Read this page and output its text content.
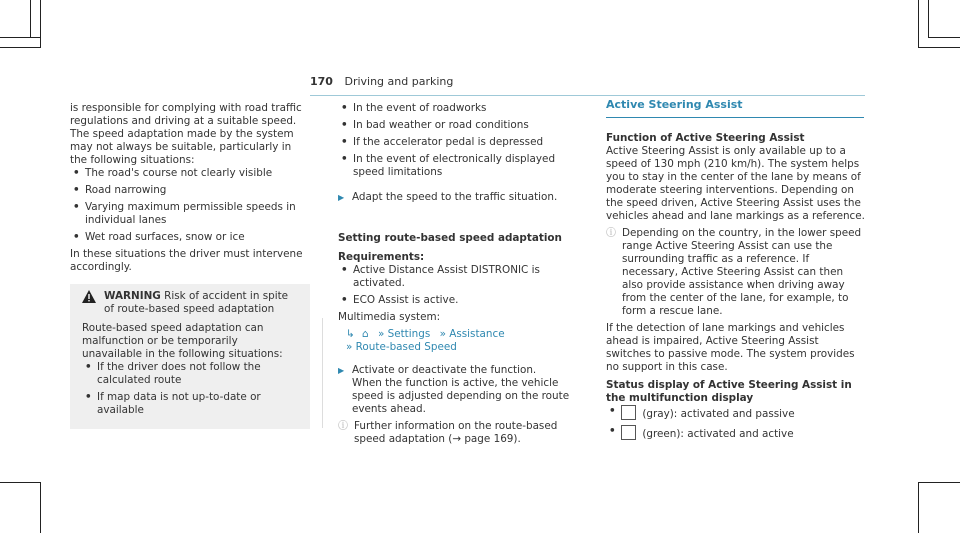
170 Driving and parking

is responsible for complying with road traffic regulations and driving at a suitable speed.

The speed adaptation made by the system may not always be suitable, particularly in the following situations:

• The road's course not clearly visible
• Road narrowing
• Varying maximum permissible speeds in individual lanes
• Wet road surfaces, snow or ice

In these situations the driver must intervene accordingly.

WARNING Risk of accident in spite of route-based speed adaptation

Route-based speed adaptation can malfunction or be temporarily unavailable in the following situations:

• If the driver does not follow the calculated route
• If map data is not up-to-date or available
• In the event of roadworks
• In bad weather or road conditions
• If the accelerator pedal is depressed
• In the event of electronically displayed speed limitations
▶ Adapt the speed to the traffic situation.
Setting route-based speed adaptation
Requirements:
• Active Distance Assist DISTRONIC is activated.
• ECO Assist is active.
Multimedia system:
↳ ⌂ » Settings » Assistance
» Route-based Speed
▶ Activate or deactivate the function.
When the function is active, the vehicle speed is adjusted depending on the route events ahead.
ⓘ Further information on the route-based speed adaptation (→ page 169).
Active Steering Assist
Function of Active Steering Assist

Active Steering Assist is only available up to a speed of 130 mph (210 km/h). The system helps you to stay in the center of the lane by means of moderate steering interventions. Depending on the speed driven, Active Steering Assist uses the vehicles ahead and lane markings as a reference.

ⓘ Depending on the country, in the lower speed range Active Steering Assist can use the surrounding traffic as a reference. If necessary, Active Steering Assist can then also provide assistance when driving away from the center of the lane, for example, to form a rescue lane.

If the detection of lane markings and vehicles ahead is impaired, Active Steering Assist switches to passive mode. The system provides no support in this case.

Status display of Active Steering Assist in the multifunction display
• (gray): activated and passive
• (green): activated and active
